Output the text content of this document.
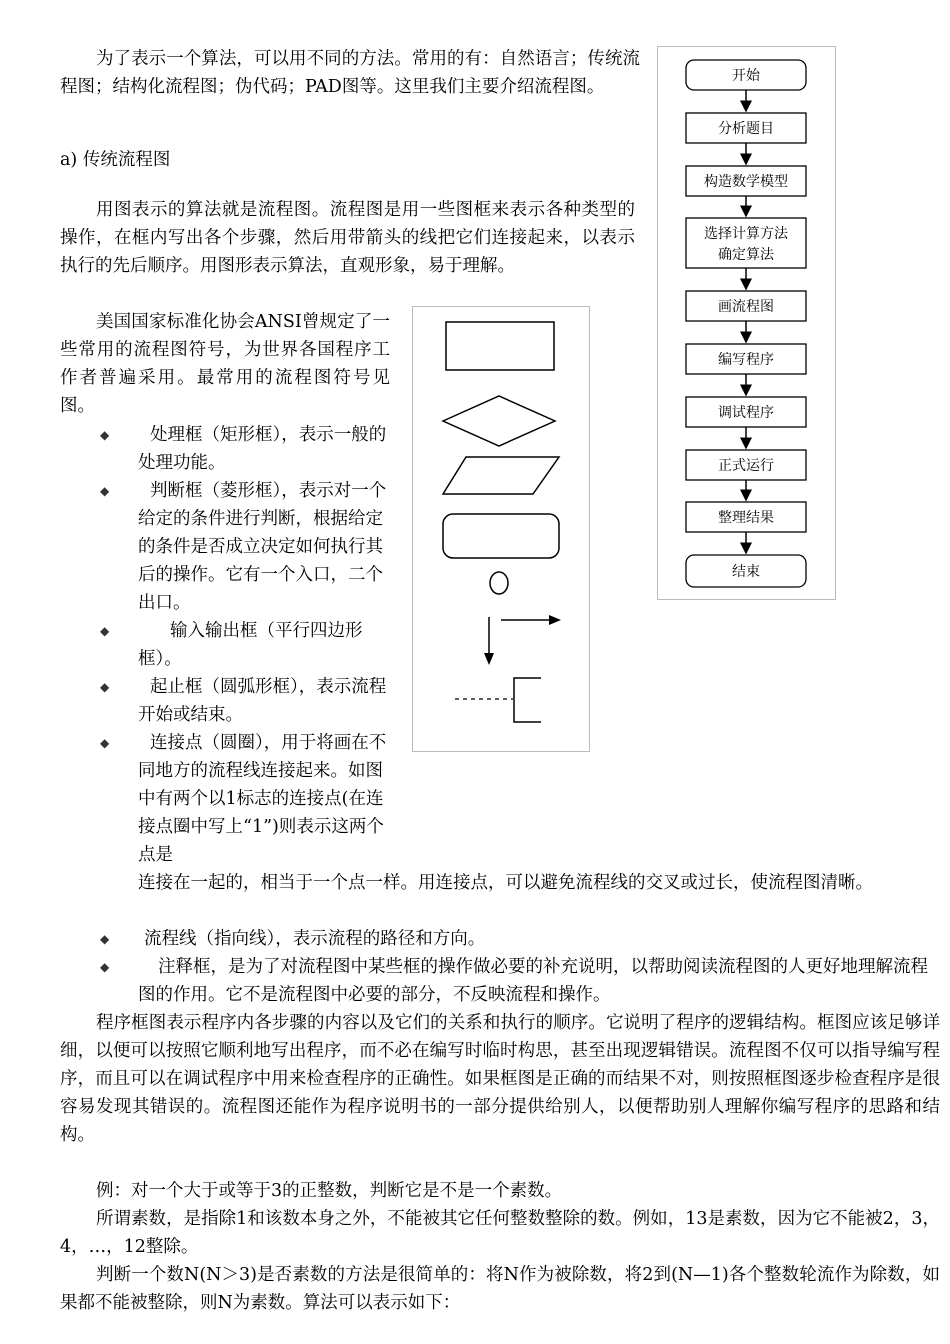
为了表示一个算法，可以用不同的方法。常用的有：自然语言；传统流程图；结构化流程图；伪代码；PAD图等。这里我们主要介绍流程图。

a) 传统流程图

用图表示的算法就是流程图。流程图是用一些图框来表示各种类型的操作，在框内写出各个步骤，然后用带箭头的线把它们连接起来，以表示执行的先后顺序。用图形表示算法，直观形象，易于理解。

美国国家标准化协会ANSI曾规定了一些常用的流程图符号，为世界各国程序工作者普遍采用。最常用的流程图符号见图。

◆	处理框（矩形框），表示一般的处理功能。
◆	判断框（菱形框），表示对一个给定的条件进行判断，根据给定的条件是否成立决定如何执行其后的操作。它有一个入口，二个出口。
◆	输入输出框（平行四边形框）。
◆	起止框（圆弧形框），表示流程开始或结束。
◆	连接点（圆圈），用于将画在不同地方的流程线连接起来。如图中有两个以1标志的连接点(在连接点圈中写上“1”)则表示这两个点是
连接在一起的，相当于一个点一样。用连接点，可以避免流程线的交叉或过长，使流程图清晰。
◆	流程线（指向线），表示流程的路径和方向。
◆	注释框，是为了对流程图中某些框的操作做必要的补充说明，以帮助阅读流程图的人更好地理解流程图的作用。它不是流程图中必要的部分，不反映流程和操作。

程序框图表示程序内各步骤的内容以及它们的关系和执行的顺序。它说明了程序的逻辑结构。框图应该足够详细，以便可以按照它顺利地写出程序，而不必在编写时临时构思，甚至出现逻辑错误。流程图不仅可以指导编写程序，而且可以在调试程序中用来检查程序的正确性。如果框图是正确的而结果不对，则按照框图逐步检查程序是很容易发现其错误的。流程图还能作为程序说明书的一部分提供给别人，以便帮助别人理解你编写程序的思路和结构。

例：对一个大于或等于3的正整数，判断它是不是一个素数。

所谓素数，是指除1和该数本身之外，不能被其它任何整数整除的数。例如，13是素数，因为它不能被2，3，4，…，12整除。

判断一个数N(N＞3)是否素数的方法是很简单的：将N作为被除数，将2到(N—1)各个整数轮流作为除数，如果都不能被整除，则N为素数。算法可以表示如下：

开始
分析题目
构造数学模型
选择计算方法
确定算法
画流程图
编写程序
调试程序
正式运行
整理结果
结束
